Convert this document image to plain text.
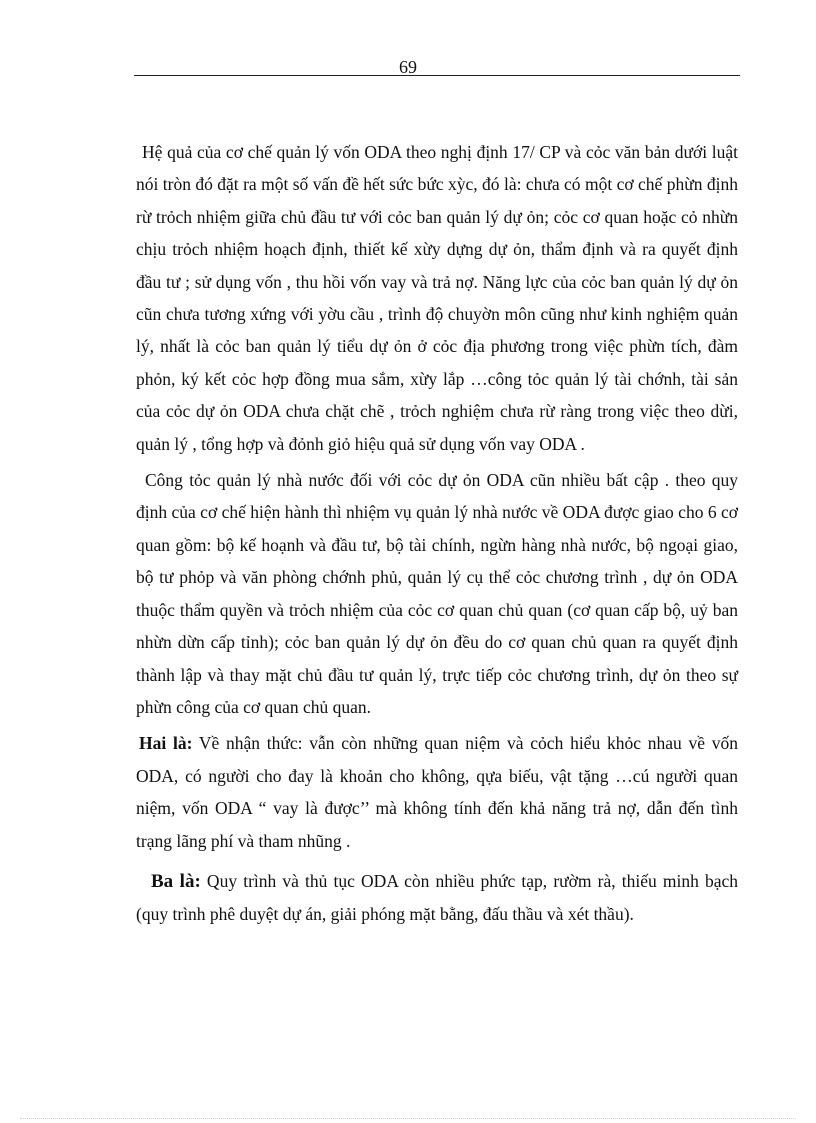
69

Hệ quả của cơ chế quản lý vốn ODA theo nghị định 17/ CP và cỏc văn bản dưới luật nói tròn đó đặt ra một số vấn đề hết sức bức xỳc, đó là: chưa có một cơ chế phừn định rừ trỏch nhiệm giữa chủ đầu tư với cỏc ban quản lý dự ỏn; cỏc cơ quan hoặc cỏ nhừn chịu trỏch nhiệm hoạch định, thiết kế xừy dựng dự ỏn, thẩm định và ra quyết định đầu tư ; sử dụng vốn , thu hồi vốn vay và trả nợ. Năng lực của cỏc ban quản lý dự ỏn cũn chưa tương xứng với yờu cầu , trình độ chuyờn môn cũng như kinh nghiệm quản lý, nhất là cỏc ban quản lý tiểu dự ỏn ở cỏc địa phương trong việc phừn tích, đàm phỏn, ký kết cỏc hợp đồng mua sắm, xừy lắp …công tỏc quản lý tài chớnh, tài sản của cỏc dự ỏn ODA chưa chặt chẽ , trỏch nghiệm chưa rừ ràng trong việc theo dừi, quản lý , tổng hợp và đỏnh giỏ hiệu quả sử dụng vốn vay ODA .

Công tỏc quản lý nhà nước đối với cỏc dự ỏn ODA cũn nhiều bất cập . theo quy định của cơ chế hiện hành thì nhiệm vụ quản lý nhà nước về ODA được giao cho 6 cơ quan gồm: bộ kế hoạnh và đầu tư, bộ tài chính, ngừn hàng nhà nước, bộ ngoại giao, bộ tư phỏp và văn phòng chớnh phủ, quản lý cụ thể cỏc chương trình , dự ỏn ODA thuộc thẩm quyền và trỏch nhiệm của cỏc cơ quan chủ quan (cơ quan cấp bộ, uỷ ban nhừn dừn cấp tỉnh); cỏc ban quản lý dự ỏn đều do cơ quan chủ quan ra quyết định thành lập và thay mặt chủ đầu tư quản lý, trực tiếp cỏc chương trình, dự ỏn theo sự phừn công của cơ quan chủ quan.

Hai là: Về nhận thức: vẫn còn những quan niệm và cỏch hiểu khỏc nhau về vốn ODA, có người cho đay là khoản cho không, qựa biếu, vật tặng …cú người quan niệm, vốn ODA “ vay là được’’ mà không tính đến khả năng trả nợ, dẫn đến tình trạng lãng phí và tham nhũng .

Ba là: Quy trình và thủ tục ODA còn nhiều phức tạp, rườm rà, thiếu minh bạch (quy trình phê duyệt dự án, giải phóng mặt bằng, đấu thầu và xét thầu).
